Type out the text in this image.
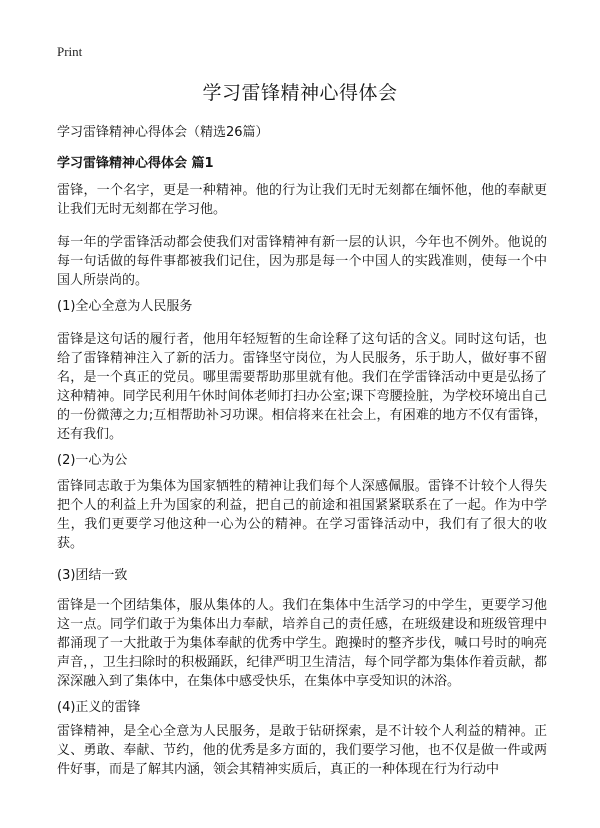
Print
学习雷锋精神心得体会
学习雷锋精神心得体会（精选26篇）
学习雷锋精神心得体会 篇1

雷锋，一个名字，更是一种精神。他的行为让我们无时无刻都在缅怀他，他的奉献更让我们无时无刻都在学习他。

每一年的学雷锋活动都会使我们对雷锋精神有新一层的认识，今年也不例外。他说的每一句话做的每件事都被我们记住，因为那是每一个中国人的实践准则，使每一个中国人所崇尚的。

(1)全心全意为人民服务

雷锋是这句话的履行者，他用年轻短暂的生命诠释了这句话的含义。同时这句话，也给了雷锋精神注入了新的活力。雷锋坚守岗位，为人民服务，乐于助人，做好事不留名，是一个真正的党员。哪里需要帮助那里就有他。我们在学雷锋活动中更是弘扬了这种精神。同学民利用午休时间体老师打扫办公室;课下弯腰捡脏，为学校环境出自己的一份微薄之力;互相帮助补习功课。相信将来在社会上，有困难的地方不仅有雷锋，还有我们。

(2)一心为公

雷锋同志敢于为集体为国家牺牲的精神让我们每个人深感佩服。雷锋不计较个人得失把个人的利益上升为国家的利益，把自己的前途和祖国紧紧联系在了一起。作为中学生，我们更要学习他这种一心为公的精神。在学习雷锋活动中，我们有了很大的收获。

(3)团结一致

雷锋是一个团结集体，服从集体的人。我们在集体中生活学习的中学生，更要学习他这一点。同学们敢于为集体出力奉献，培养自己的责任感，在班级建设和班级管理中都涌现了一大批敢于为集体奉献的优秀中学生。跑操时的整齐步伐，喊口号时的响亮声音，，卫生扫除时的积极踊跃，纪律严明卫生清洁，每个同学都为集体作着贡献，都深深融入到了集体中，在集体中感受快乐，在集体中享受知识的沐浴。

(4)正义的雷锋

雷锋精神，是全心全意为人民服务，是敢于钻研探索，是不计较个人利益的精神。正义、勇敢、奉献、节约，他的优秀是多方面的，我们要学习他，也不仅是做一件或两件好事，而是了解其内涵，领会其精神实质后，真正的一种体现在行为行动中
